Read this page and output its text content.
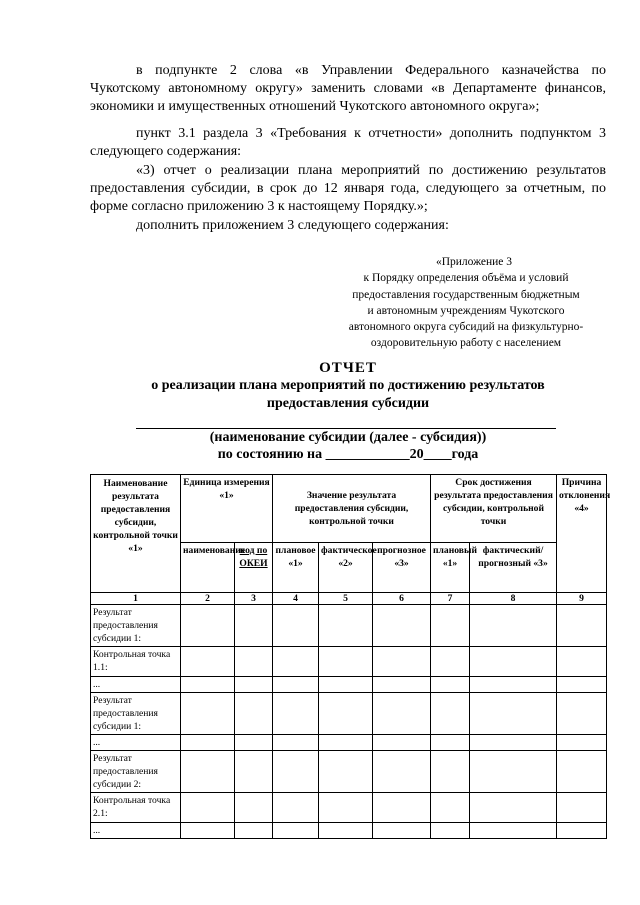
в подпункте 2 слова «в Управлении Федерального казначейства по Чукотскому автономному округу» заменить словами «в Департаменте финансов, экономики и имущественных отношений Чукотского автономного округа»;
пункт 3.1 раздела 3 «Требования к отчетности» дополнить подпунктом 3 следующего содержания:
«3) отчет о реализации плана мероприятий по достижению результатов предоставления субсидии, в срок до 12 января года, следующего за отчетным, по форме согласно приложению 3 к настоящему Порядку.»;
дополнить приложением 3 следующего содержания:
«Приложение 3
к Порядку определения объёма и условий
предоставления государственным бюджетным
и автономным учреждениям Чукотского
автономного округа субсидий на физкультурно-
оздоровительную работу с населением
ОТЧЕТ
о реализации плана мероприятий по достижению результатов
предоставления субсидии
(наименование субсидии (далее - субсидия))
по состоянию на ____________20____года
Наименование результата предоставления субсидии, контрольной точки «1»	Единица измерения «1»		Значение результата предоставления субсидии, контрольной точки			Срок достижения результата предоставления субсидии, контрольной точки		Причина отклонения «4»
	наименование	код по ОКЕИ	плановое «1»	фактическое «2»	прогнозное «3»	плановый «1»	фактический/ прогнозный «3»	
1	2	3	4	5	6	7	8	9
Результат предоставления субсидии 1:								
Контрольная точка 1.1:								
...								
Результат предоставления субсидии 1:								
...								
Результат предоставления субсидии 2:								
Контрольная точка 2.1:								
...								
